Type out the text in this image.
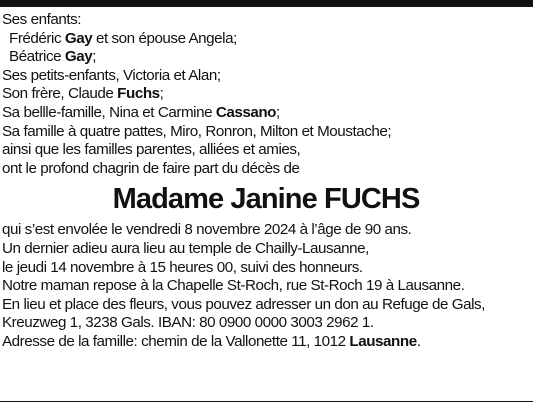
Ses enfants:
Frédéric Gay et son épouse Angela;
Béatrice Gay;
Ses petits-enfants, Victoria et Alan;
Son frère, Claude Fuchs;
Sa bellle-famille, Nina et Carmine Cassano;
Sa famille à quatre pattes, Miro, Ronron, Milton et Moustache;
ainsi que les familles parentes, alliées et amies,
ont le profond chagrin de faire part du décès de
Madame Janine FUCHS
qui s’est envolée le vendredi 8 novembre 2024 à l’âge de 90 ans.
Un dernier adieu aura lieu au temple de Chailly-Lausanne,
le jeudi 14 novembre à 15 heures 00, suivi des honneurs.
Notre maman repose à la Chapelle St-Roch, rue St-Roch 19 à Lausanne.
En lieu et place des fleurs, vous pouvez adresser un don au Refuge de Gals,
Kreuzweg 1, 3238 Gals. IBAN: 80 0900 0000 3003 2962 1.
Adresse de la famille: chemin de la Vallonette 11, 1012 Lausanne.
